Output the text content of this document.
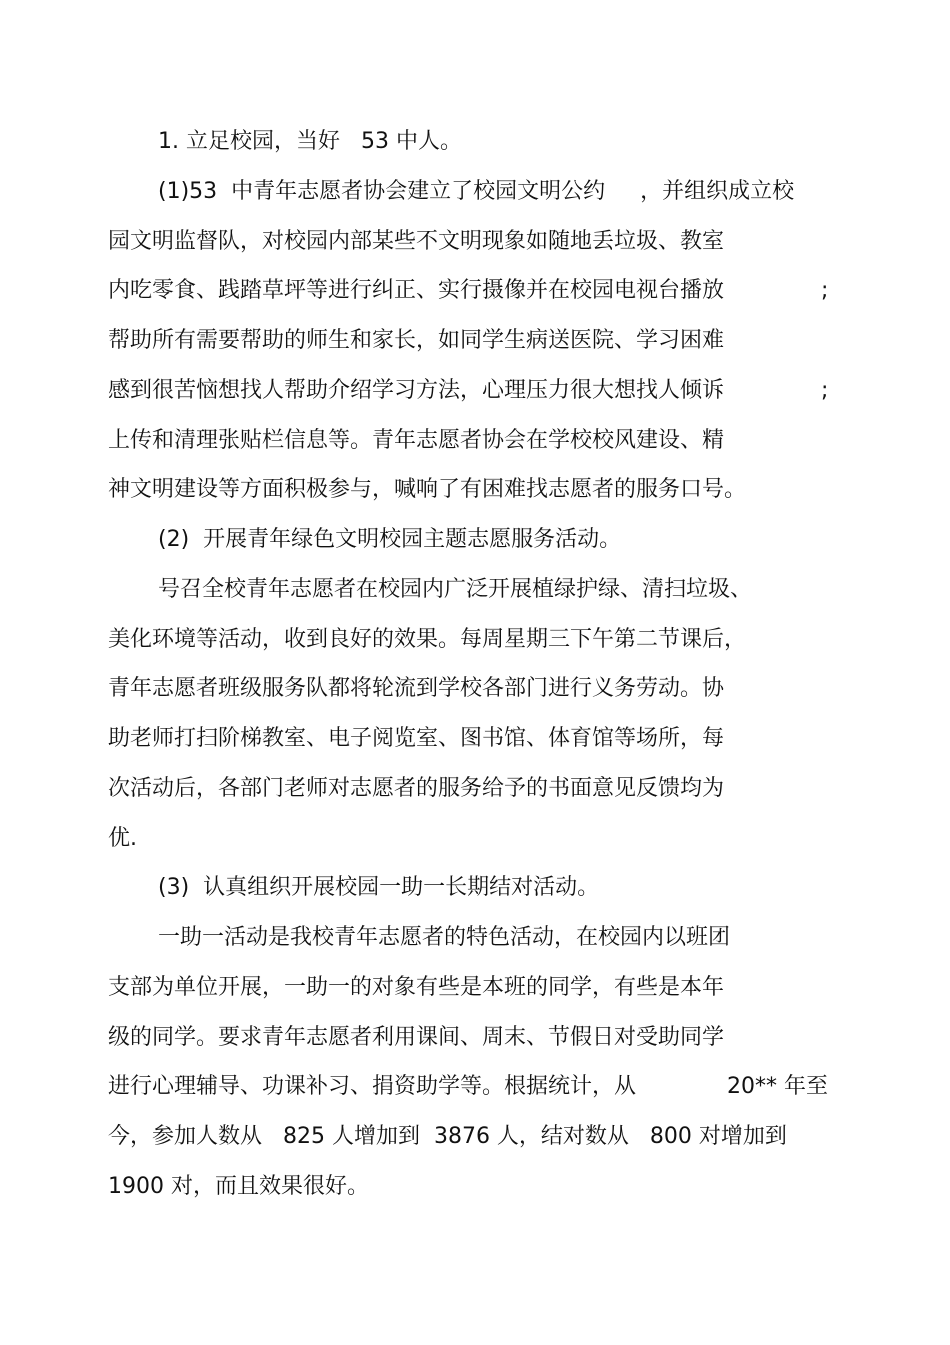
1. 立足校园，当好   53 中人。
(1)53  中青年志愿者协会建立了校园文明公约     ，并组织成立校
园文明监督队，对校园内部某些不文明现象如随地丢垃圾、教室
内吃零食、践踏草坪等进行纠正、实行摄像并在校园电视台播放	;
帮助所有需要帮助的师生和家长，如同学生病送医院、学习困难
感到很苦恼想找人帮助介绍学习方法，心理压力很大想找人倾诉	;
上传和清理张贴栏信息等。青年志愿者协会在学校校风建设、精
神文明建设等方面积极参与，喊响了有困难找志愿者的服务口号。
(2)  开展青年绿色文明校园主题志愿服务活动。
号召全校青年志愿者在校园内广泛开展植绿护绿、清扫垃圾、
美化环境等活动，收到良好的效果。每周星期三下午第二节课后，
青年志愿者班级服务队都将轮流到学校各部门进行义务劳动。协
助老师打扫阶梯教室、电子阅览室、图书馆、体育馆等场所，每
次活动后，各部门老师对志愿者的服务给予的书面意见反馈均为
优.
(3)  认真组织开展校园一助一长期结对活动。
一助一活动是我校青年志愿者的特色活动，在校园内以班团
支部为单位开展，一助一的对象有些是本班的同学，有些是本年
级的同学。要求青年志愿者利用课间、周末、节假日对受助同学
进行心理辅导、功课补习、捐资助学等。根据统计，从	20** 年至
今，参加人数从   825 人增加到  3876 人，结对数从   800 对增加到
1900 对，而且效果很好。
